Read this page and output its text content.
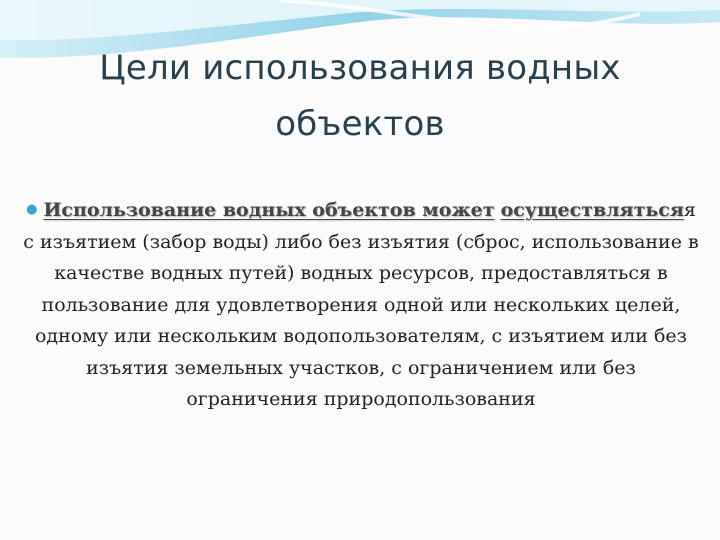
Цели использования водных
объектов
● Использование водных объектов может осуществлятьсяя с изъятием (забор воды) либо без изъятия (сброс, использование в качестве водных путей) водных ресурсов, предоставляться в пользование для удовлетворения одной или нескольких целей, одному или нескольким водопользователям, с изъятием или без изъятия земельных участков, с ограничением или без ограничения природопользования
